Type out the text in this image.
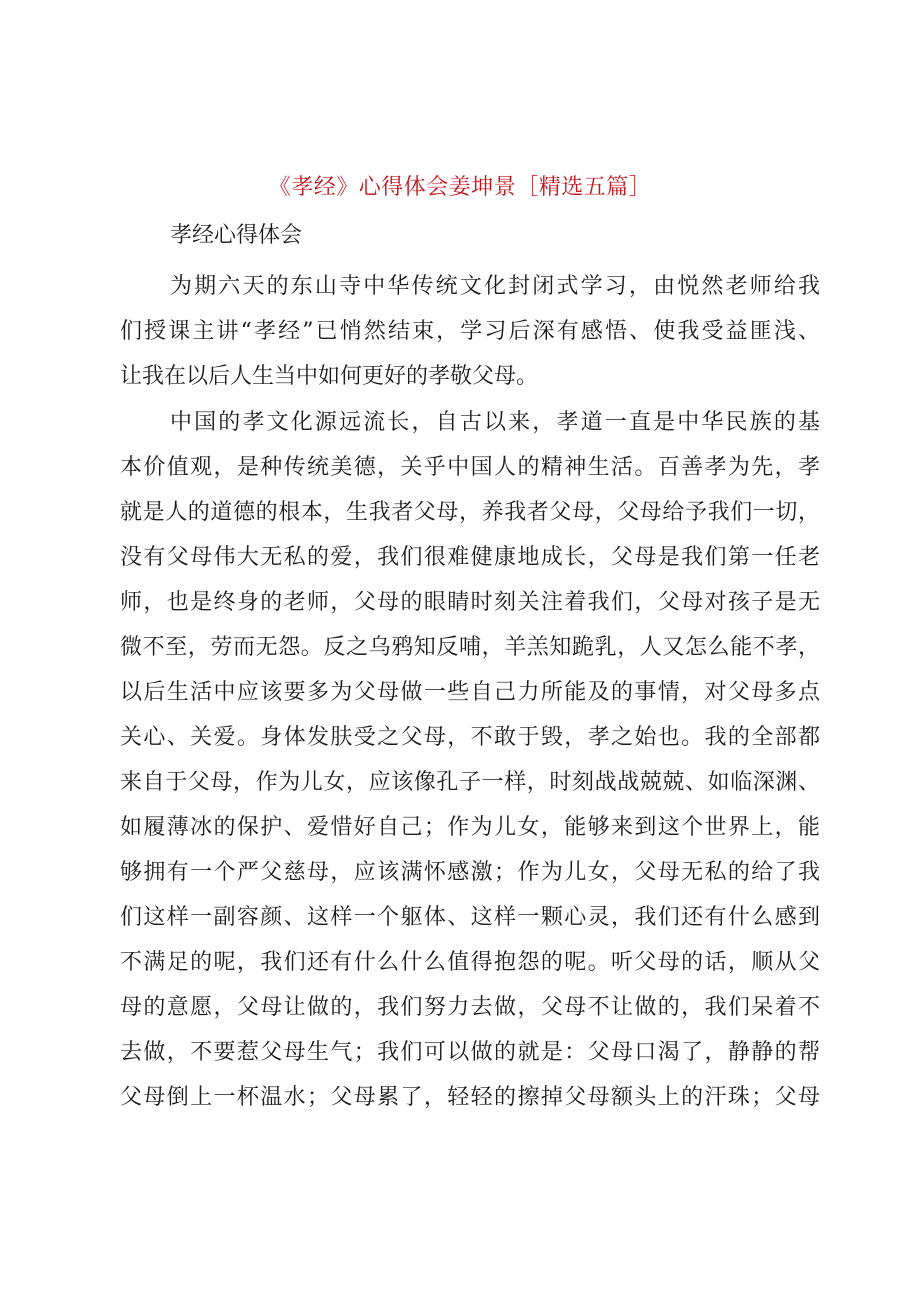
《孝经》心得体会姜坤景［精选五篇］
孝经心得体会
为期六天的东山寺中华传统文化封闭式学习，由悦然老师给我
们授课主讲“孝经”已悄然结束，学习后深有感悟、使我受益匪浅、
让我在以后人生当中如何更好的孝敬父母。
中国的孝文化源远流长，自古以来，孝道一直是中华民族的基
本价值观，是种传统美德，关乎中国人的精神生活。百善孝为先，孝
就是人的道德的根本，生我者父母，养我者父母，父母给予我们一切，
没有父母伟大无私的爱，我们很难健康地成长，父母是我们第一任老
师，也是终身的老师，父母的眼睛时刻关注着我们，父母对孩子是无
微不至，劳而无怨。反之乌鸦知反哺，羊羔知跪乳，人又怎么能不孝，
以后生活中应该要多为父母做一些自己力所能及的事情，对父母多点
关心、关爱。身体发肤受之父母，不敢于毁，孝之始也。我的全部都
来自于父母，作为儿女，应该像孔子一样，时刻战战兢兢、如临深渊、
如履薄冰的保护、爱惜好自己；作为儿女，能够来到这个世界上，能
够拥有一个严父慈母，应该满怀感激；作为儿女，父母无私的给了我
们这样一副容颜、这样一个躯体、这样一颗心灵，我们还有什么感到
不满足的呢，我们还有什么什么值得抱怨的呢。听父母的话，顺从父
母的意愿，父母让做的，我们努力去做，父母不让做的，我们呆着不
去做，不要惹父母生气；我们可以做的就是：父母口渴了，静静的帮
父母倒上一杯温水；父母累了，轻轻的擦掉父母额头上的汗珠；父母
